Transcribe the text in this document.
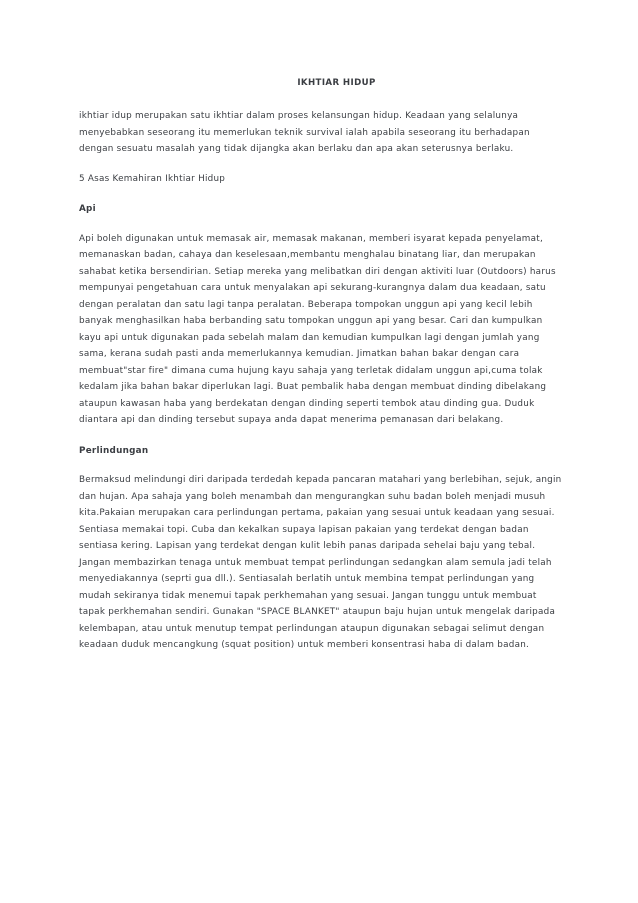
IKHTIAR HIDUP

ikhtiar idup merupakan satu ikhtiar dalam proses kelansungan hidup. Keadaan yang selalunya menyebabkan seseorang itu memerlukan teknik survival ialah apabila seseorang itu berhadapan dengan sesuatu masalah yang tidak dijangka akan berlaku dan apa akan seterusnya berlaku.

5 Asas Kemahiran Ikhtiar Hidup

Api

Api boleh digunakan untuk memasak air, memasak makanan, memberi isyarat kepada penyelamat, memanaskan badan, cahaya dan keselesaan,membantu menghalau binatang liar, dan merupakan sahabat ketika bersendirian. Setiap mereka yang melibatkan diri dengan aktiviti luar (Outdoors) harus mempunyai pengetahuan cara untuk menyalakan api sekurang-kurangnya dalam dua keadaan, satu dengan peralatan dan satu lagi tanpa peralatan. Beberapa tompokan unggun api yang kecil lebih banyak menghasilkan haba berbanding satu tompokan unggun api yang besar. Cari dan kumpulkan kayu api untuk digunakan pada sebelah malam dan kemudian kumpulkan lagi dengan jumlah yang sama, kerana sudah pasti anda memerlukannya kemudian. Jimatkan bahan bakar dengan cara membuat"star fire" dimana cuma hujung kayu sahaja yang terletak didalam unggun api,cuma tolak kedalam jika bahan bakar diperlukan lagi. Buat pembalik haba dengan membuat dinding dibelakang ataupun kawasan haba yang berdekatan dengan dinding seperti tembok atau dinding gua. Duduk diantara api dan dinding tersebut supaya anda dapat menerima pemanasan dari belakang.

Perlindungan

Bermaksud melindungi diri daripada terdedah kepada pancaran matahari yang berlebihan, sejuk, angin dan hujan. Apa sahaja yang boleh menambah dan mengurangkan suhu badan boleh menjadi musuh kita.Pakaian merupakan cara perlindungan pertama, pakaian yang sesuai untuk keadaan yang sesuai. Sentiasa memakai topi. Cuba dan kekalkan supaya lapisan pakaian yang terdekat dengan badan sentiasa kering. Lapisan yang terdekat dengan kulit lebih panas daripada sehelai baju yang tebal. Jangan membazirkan tenaga untuk membuat tempat perlindungan sedangkan alam semula jadi telah menyediakannya (seprti gua dll.). Sentiasalah berlatih untuk membina tempat perlindungan yang mudah sekiranya tidak menemui tapak perkhemahan yang sesuai. Jangan tunggu untuk membuat tapak perkhemahan sendiri. Gunakan "SPACE BLANKET" ataupun baju hujan untuk mengelak daripada kelembapan, atau untuk menutup tempat perlindungan ataupun digunakan sebagai selimut dengan keadaan duduk mencangkung (squat position) untuk memberi konsentrasi haba di dalam badan.
